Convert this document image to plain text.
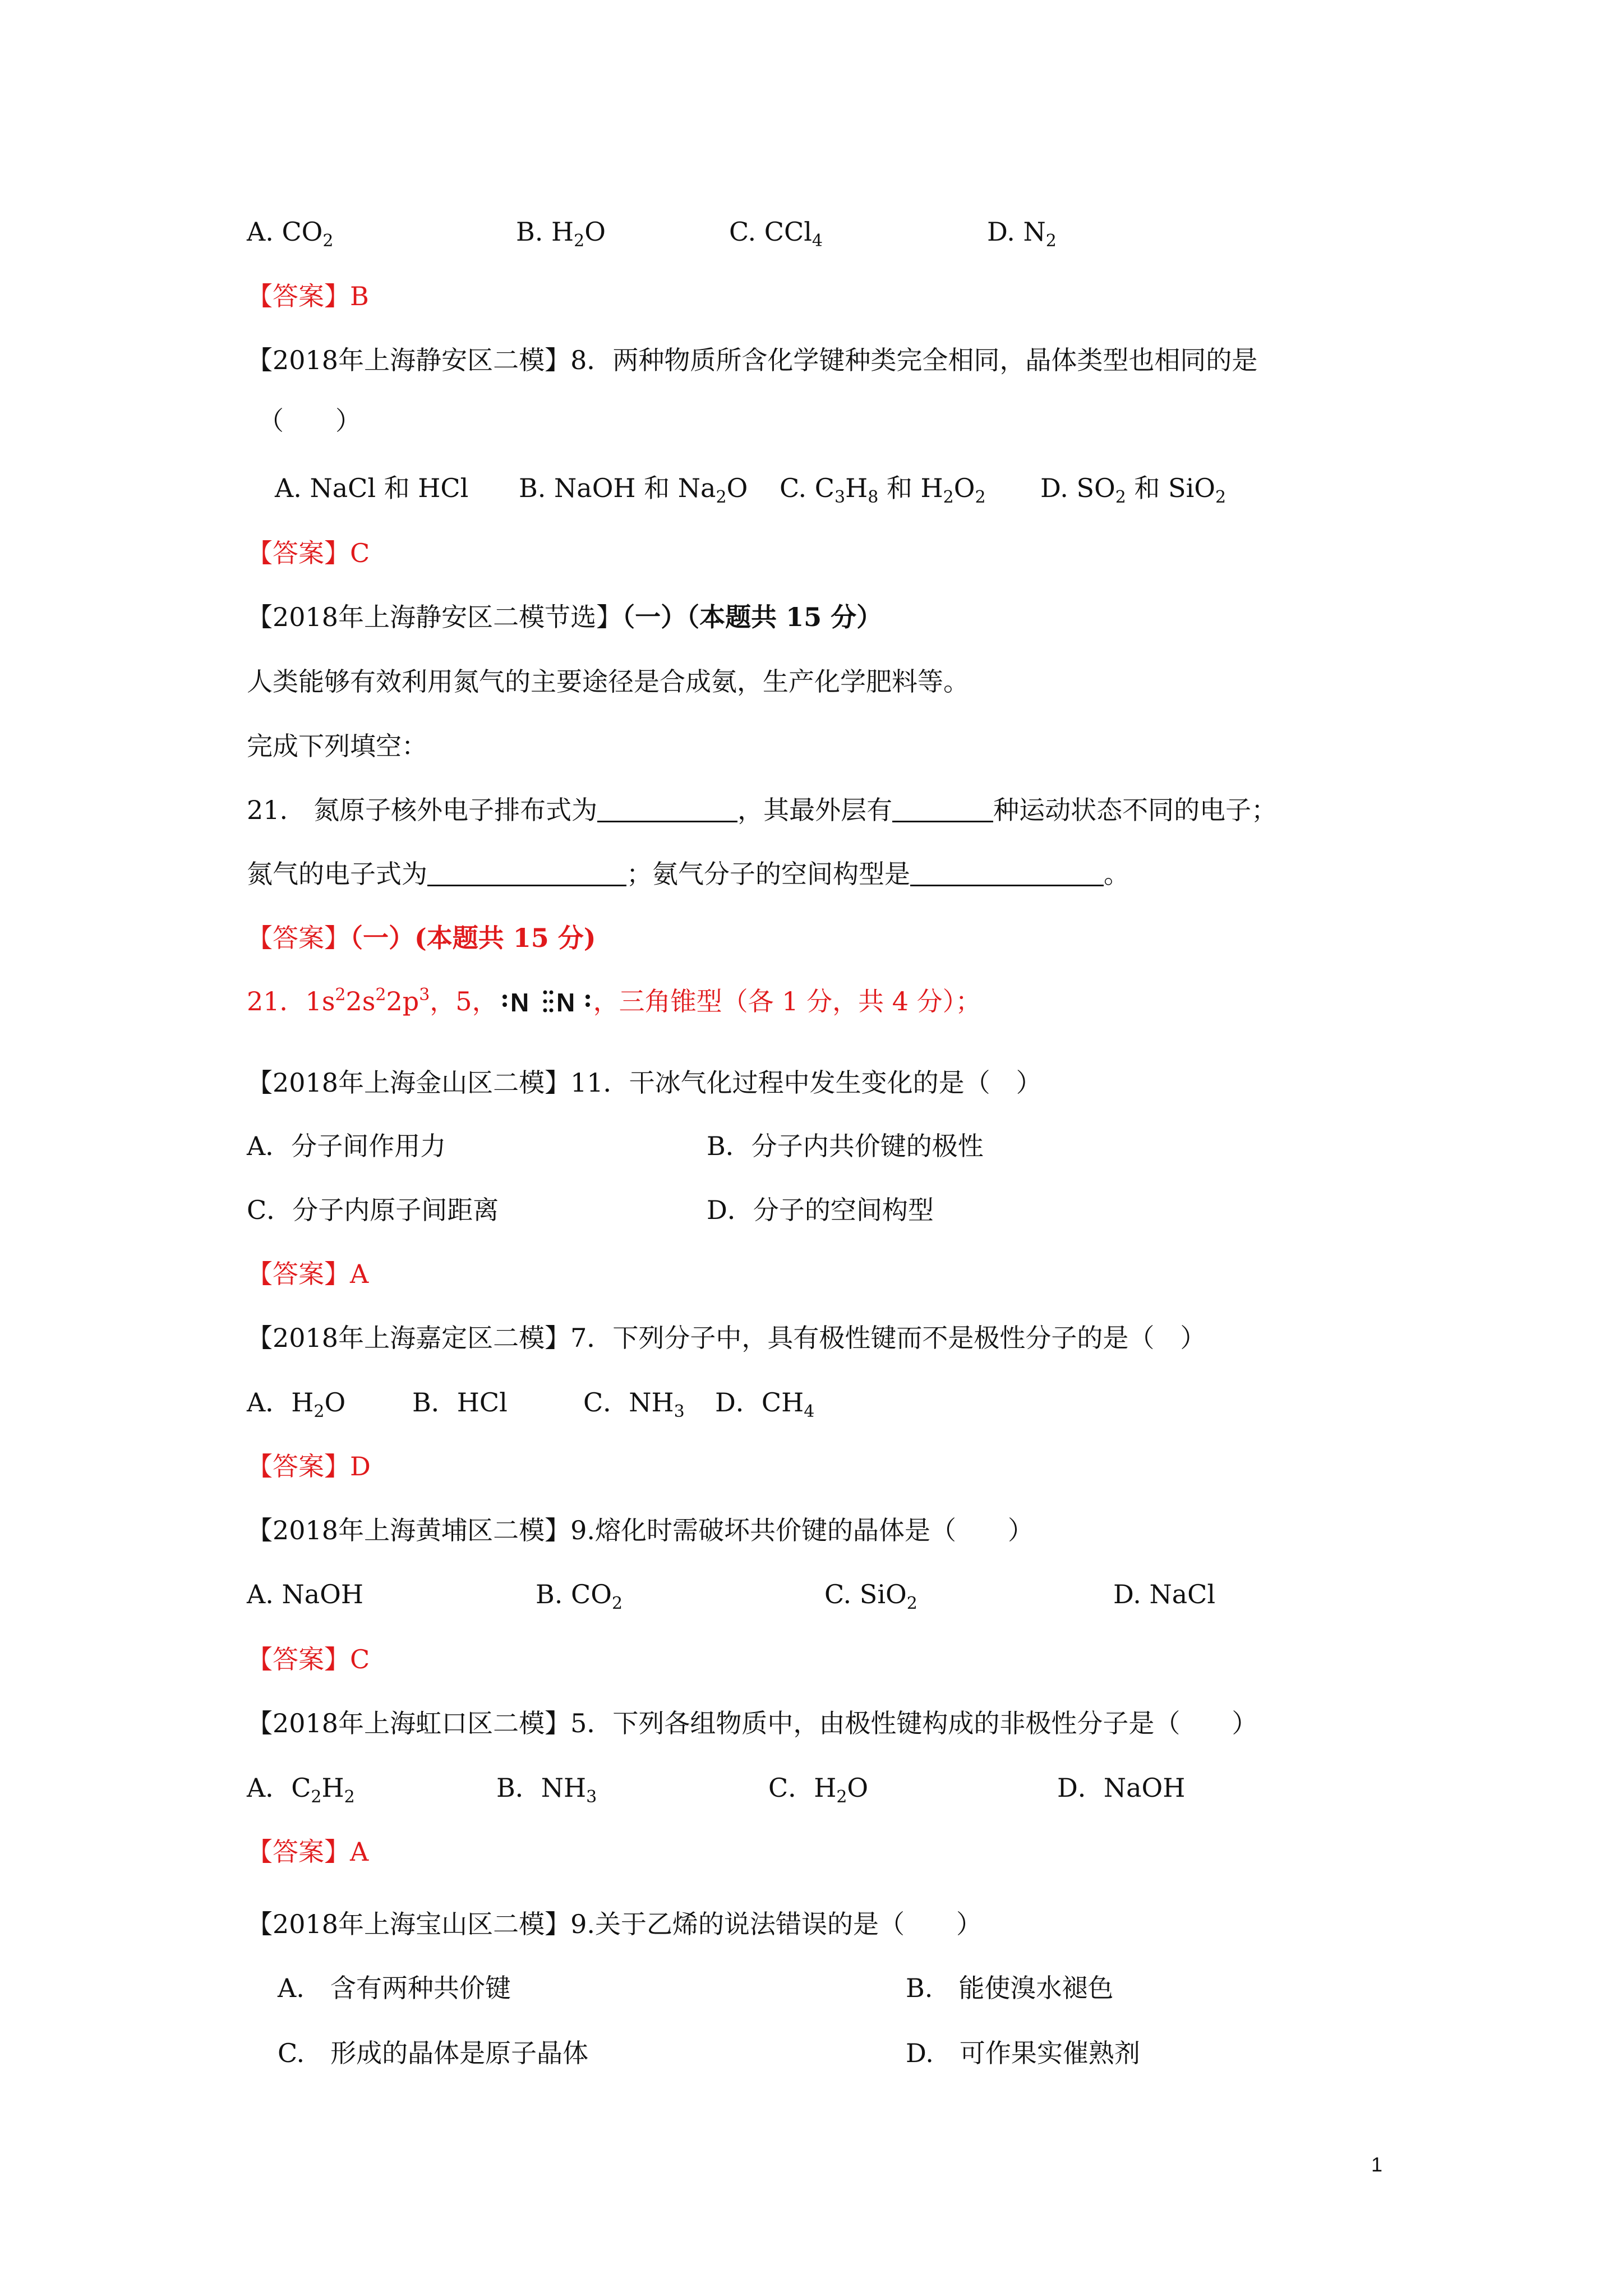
A. $CO_2$	B. $H_2O$	C. CCl$_4$	D. $N_2$
【答案】B
【2018年上海静安区二模】8．两种物质所含化学键种类完全相同，晶体类型也相同的是
（　　）
A. NaCl 和 HCl B. NaOH 和 $Na_2O$ C. $C_3H_8$ 和 $H_2O_2$ D. $SO_2$ 和 SiO$_2$
【答案】C
【2018年上海静安区二模节选】（一）（本题共 15 分）
人类能够有效利用氮气的主要途径是合成氨，生产化学肥料等。
完成下列填空：
21.　氮原子核外电子排布式为	，其最外层有	种运动状态不同的电子；
氮气的电子式为	；氨气分子的空间构型是	。
【答案】（一）(本题共 15 分)
21．$1s^22s^22p^3$，5， N N ，三角锥型（各 1 分，共 4 分）；
【2018年上海金山区二模】11．干冰气化过程中发生变化的是（　）
A．分子间作用力	B．分子内共价键的极性
C．分子内原子间距离	D．分子的空间构型
【答案】A
【2018年上海嘉定区二模】7．下列分子中，具有极性键而不是极性分子的是（　）
A．$H_2O$	B．HCl	C．$NH_3$ D．$CH_4$
【答案】D
【2018年上海黄埔区二模】9.熔化时需破坏共价键的晶体是（　　）
A. NaOH	B. $CO_2$	C. SiO$_2$	D. NaCl
【答案】C
【2018年上海虹口区二模】5．下列各组物质中，由极性键构成的非极性分子是（　　）
A．$C_2H_2$	B．$NH_3$	C．$H_2O$	D．NaOH
【答案】A
【2018年上海宝山区二模】9.关于乙烯的说法错误的是（　　）
A.　含有两种共价键	B.　能使溴水褪色
C.　形成的晶体是原子晶体	D.　可作果实催熟剂
1
